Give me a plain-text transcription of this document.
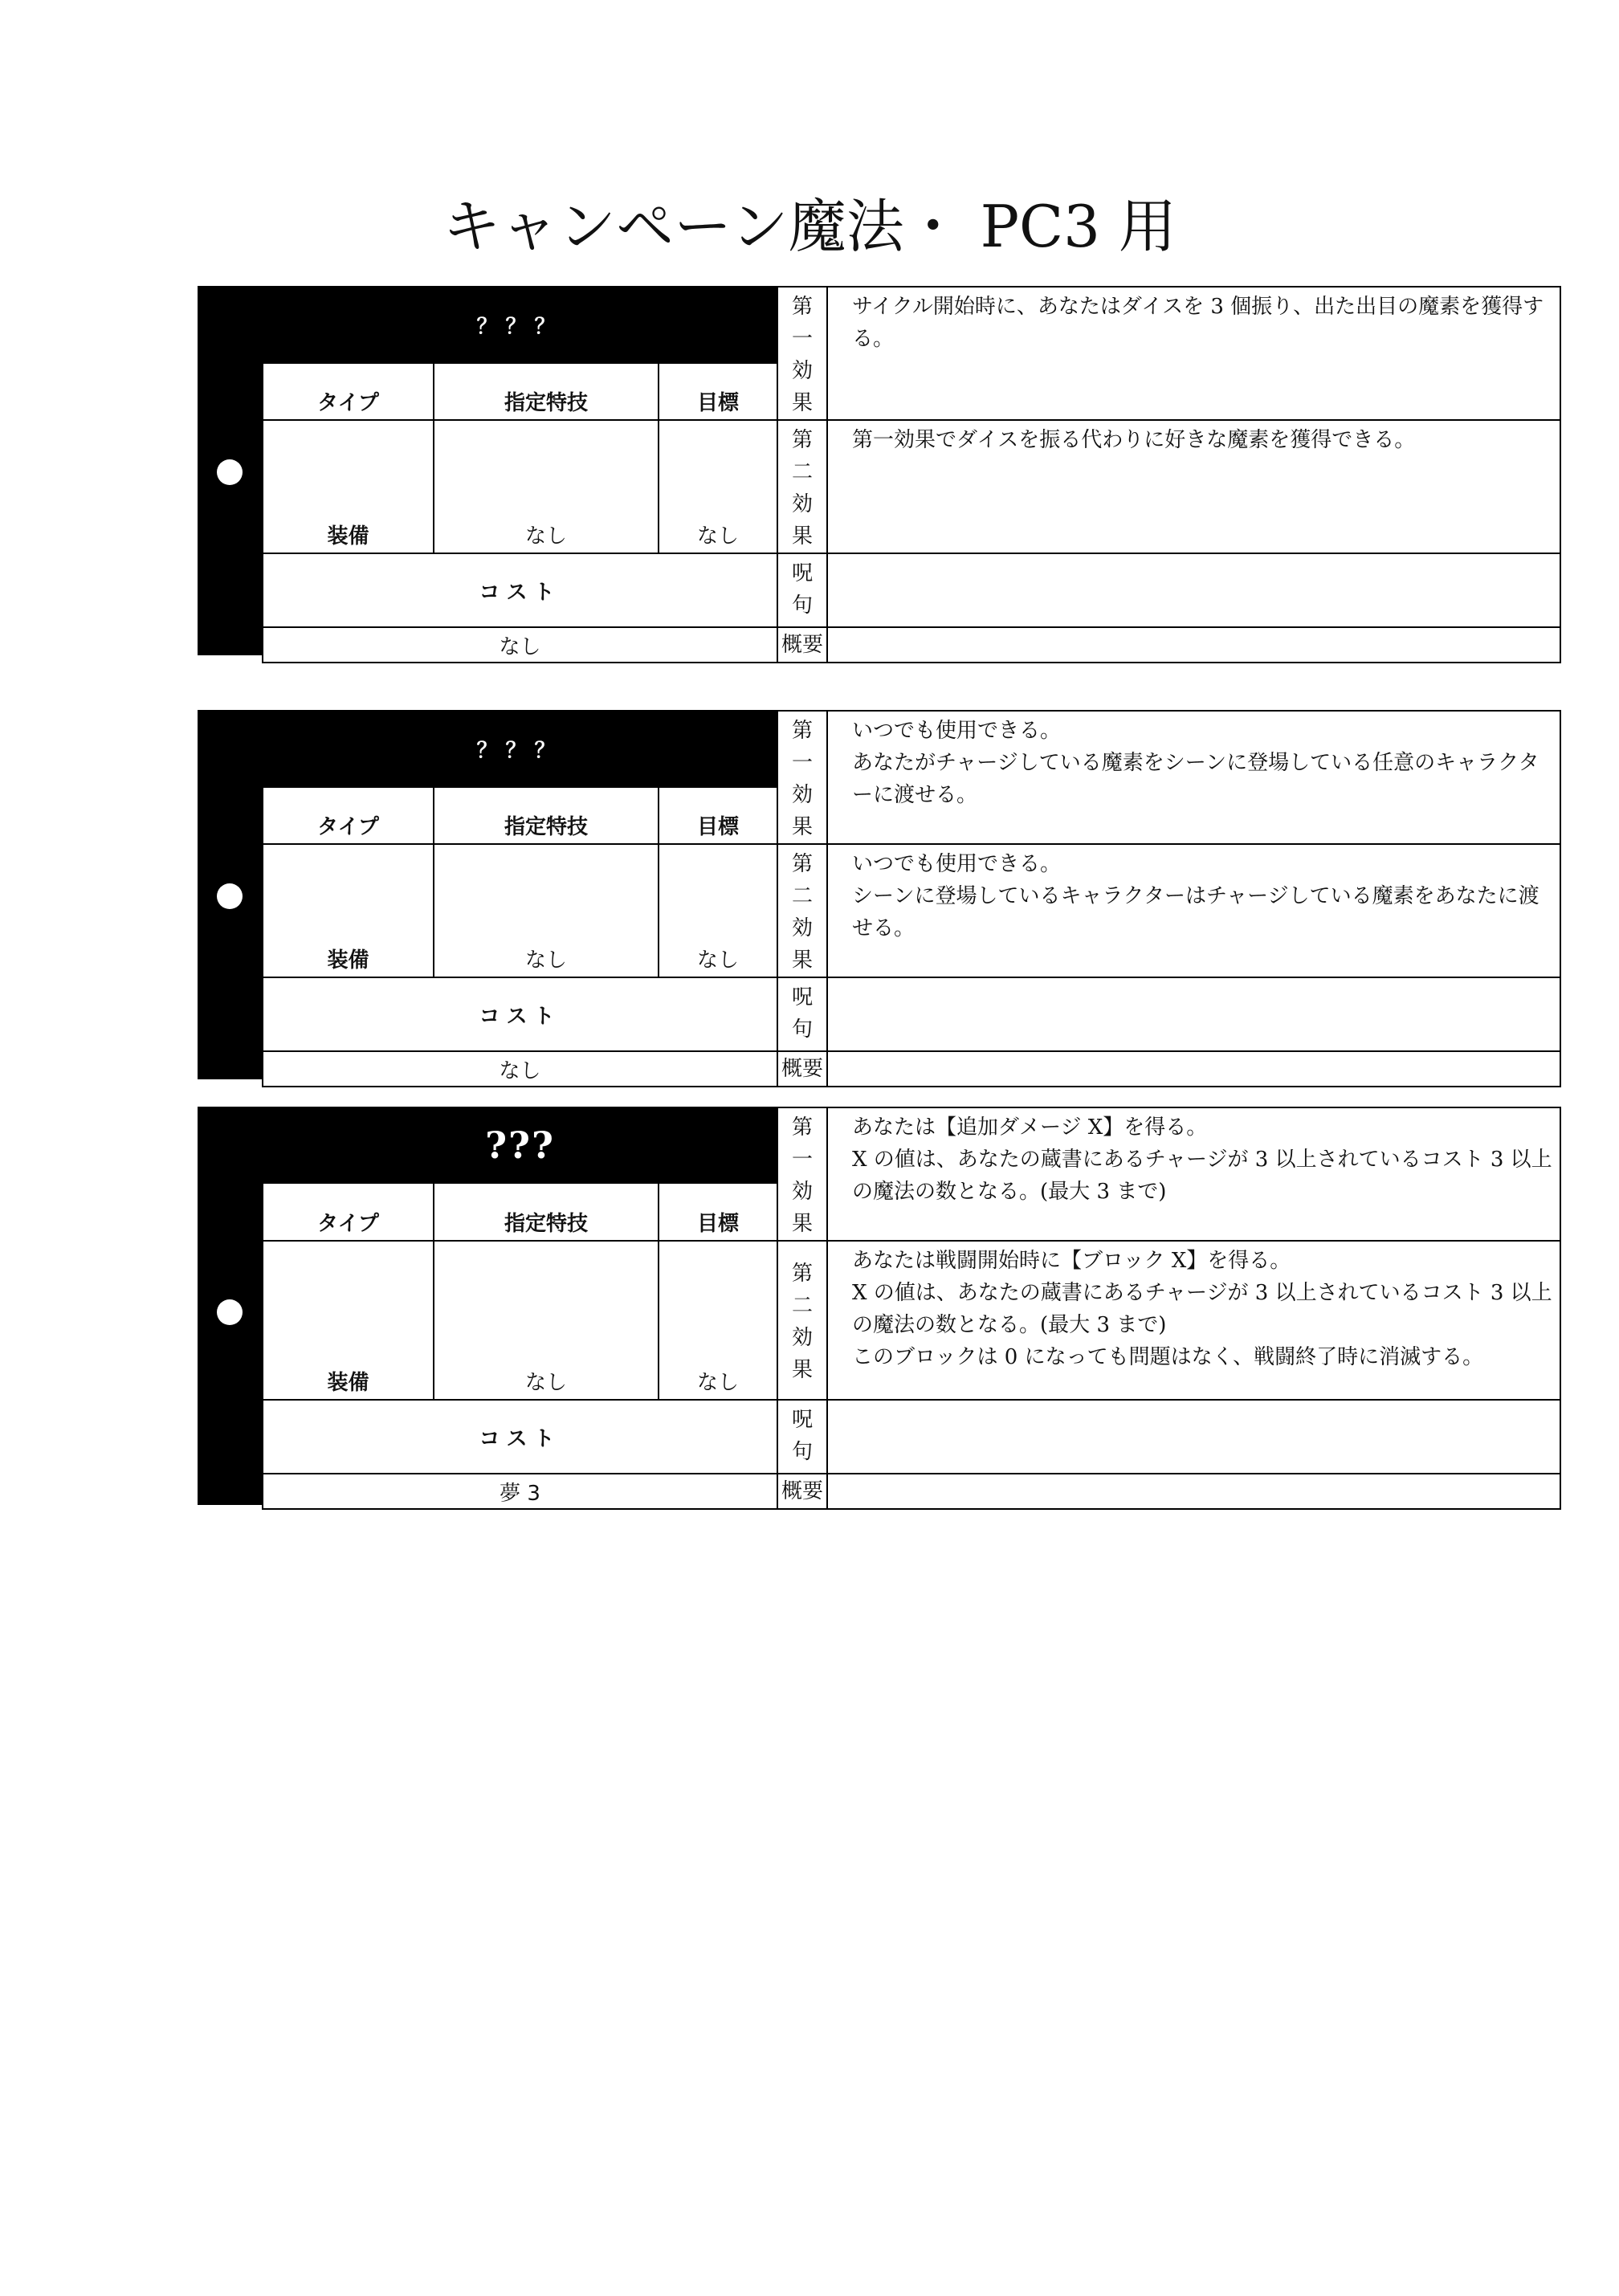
キャンペーン魔法・ PC3 用
？？？			第一効果	サイクル開始時に、あなたはダイスを 3 個振り、出た出目の魔素を獲得する。
タイプ	指定特技	目標		
装備	なし	なし	第二効果	第一効果でダイスを振る代わりに好きな魔素を獲得できる。
コスト			呪句	

なし			概要	
？？？			第一効果	いつでも使用できる。
あなたがチャージしている魔素をシーンに登場している任意のキャラクターに渡せる。
タイプ	指定特技	目標		
装備	なし	なし	第二効果	いつでも使用できる。
シーンに登場しているキャラクターはチャージしている魔素をあなたに渡せる。
コスト			呪句	

なし			概要	
???			第一効果	あなたは【追加ダメージ X】を得る。
X の値は、あなたの蔵書にあるチャージが 3 以上されているコスト 3 以上の魔法の数となる。(最大 3 まで)
タイプ	指定特技	目標		
装備	なし	なし	第二効果	あなたは戦闘開始時に【ブロック X】を得る。
X の値は、あなたの蔵書にあるチャージが 3 以上されているコスト 3 以上の魔法の数となる。(最大 3 まで)
このブロックは 0 になっても問題はなく、戦闘終了時に消滅する。
コスト			呪句	

夢 3			概要	
